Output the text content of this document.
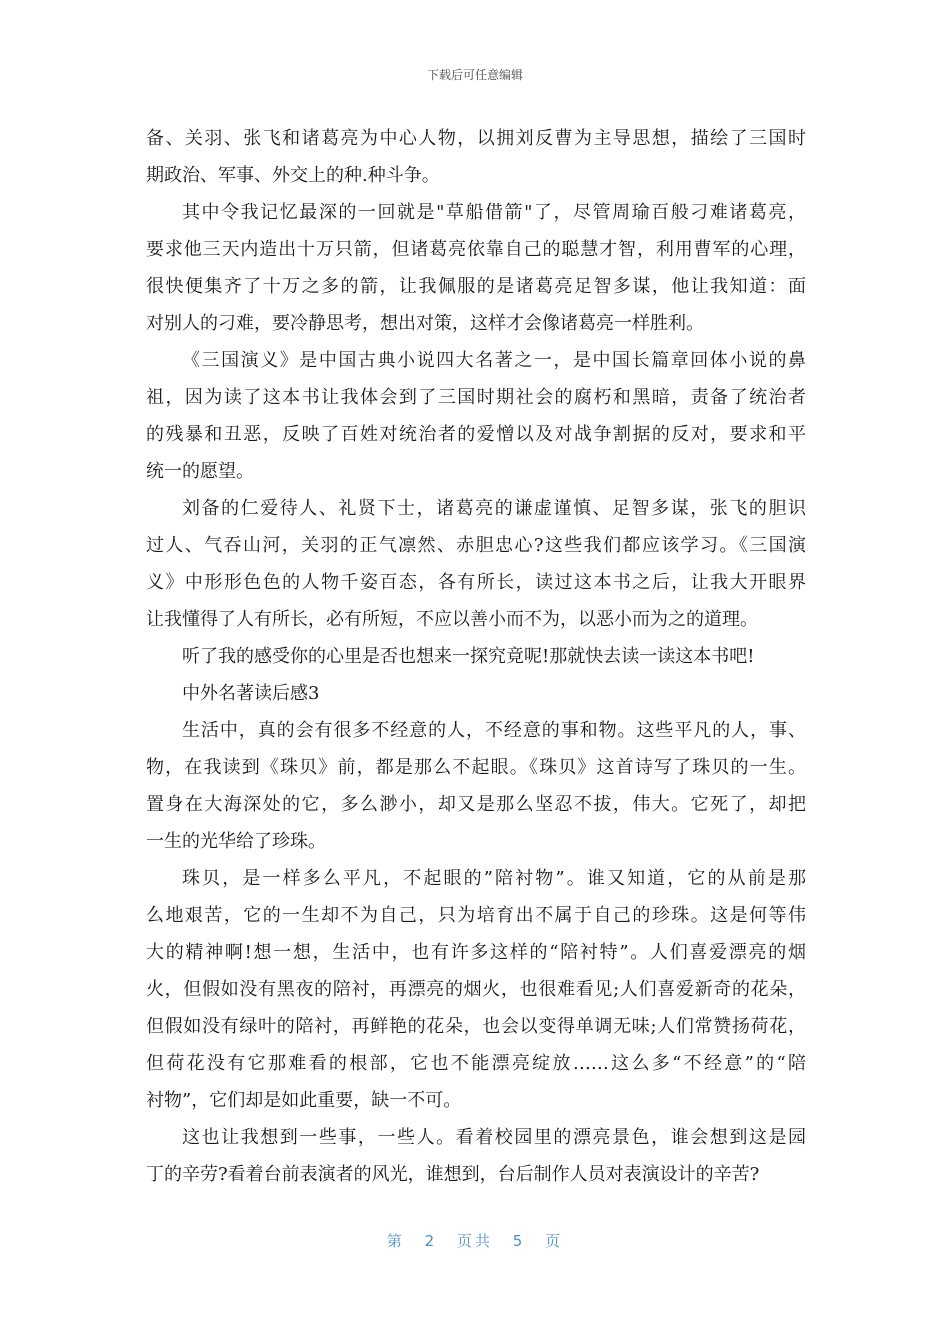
下载后可任意编辑
备、关羽、张飞和诸葛亮为中心人物，以拥刘反曹为主导思想，描绘了三国时
期政治、军事、外交上的种.种斗争。
其中令我记忆最深的一回就是"草船借箭"了，尽管周瑜百般刁难诸葛亮，
要求他三天内造出十万只箭，但诸葛亮依靠自己的聪慧才智，利用曹军的心理，
很快便集齐了十万之多的箭，让我佩服的是诸葛亮足智多谋，他让我知道：面
对别人的刁难，要冷静思考，想出对策，这样才会像诸葛亮一样胜利。
《三国演义》是中国古典小说四大名著之一，是中国长篇章回体小说的鼻
祖，因为读了这本书让我体会到了三国时期社会的腐朽和黑暗，责备了统治者
的残暴和丑恶，反映了百姓对统治者的爱憎以及对战争割据的反对，要求和平
统一的愿望。
刘备的仁爱待人、礼贤下士，诸葛亮的谦虚谨慎、足智多谋，张飞的胆识
过人、气吞山河，关羽的正气凛然、赤胆忠心?这些我们都应该学习。《三国演
义》中形形色色的人物千姿百态，各有所长，读过这本书之后，让我大开眼界
让我懂得了人有所长，必有所短，不应以善小而不为，以恶小而为之的道理。
听了我的感受你的心里是否也想来一探究竟呢!那就快去读一读这本书吧!
中外名著读后感3
生活中，真的会有很多不经意的人，不经意的事和物。这些平凡的人，事、
物，在我读到《珠贝》前，都是那么不起眼。《珠贝》这首诗写了珠贝的一生。
置身在大海深处的它，多么渺小，却又是那么坚忍不拔，伟大。它死了，却把
一生的光华给了珍珠。
珠贝，是一样多么平凡，不起眼的”陪衬物”。谁又知道，它的从前是那
么地艰苦，它的一生却不为自己，只为培育出不属于自己的珍珠。这是何等伟
大的精神啊!想一想，生活中，也有许多这样的“陪衬特”。人们喜爱漂亮的烟
火，但假如没有黑夜的陪衬，再漂亮的烟火，也很难看见;人们喜爱新奇的花朵，
但假如没有绿叶的陪衬，再鲜艳的花朵，也会以变得单调无味;人们常赞扬荷花，
但荷花没有它那难看的根部，它也不能漂亮绽放……这么多“不经意”的“陪
衬物”，它们却是如此重要，缺一不可。
这也让我想到一些事，一些人。看着校园里的漂亮景色，谁会想到这是园
丁的辛劳?看着台前表演者的风光，谁想到，台后制作人员对表演设计的辛苦?
第 2 页共 5 页
